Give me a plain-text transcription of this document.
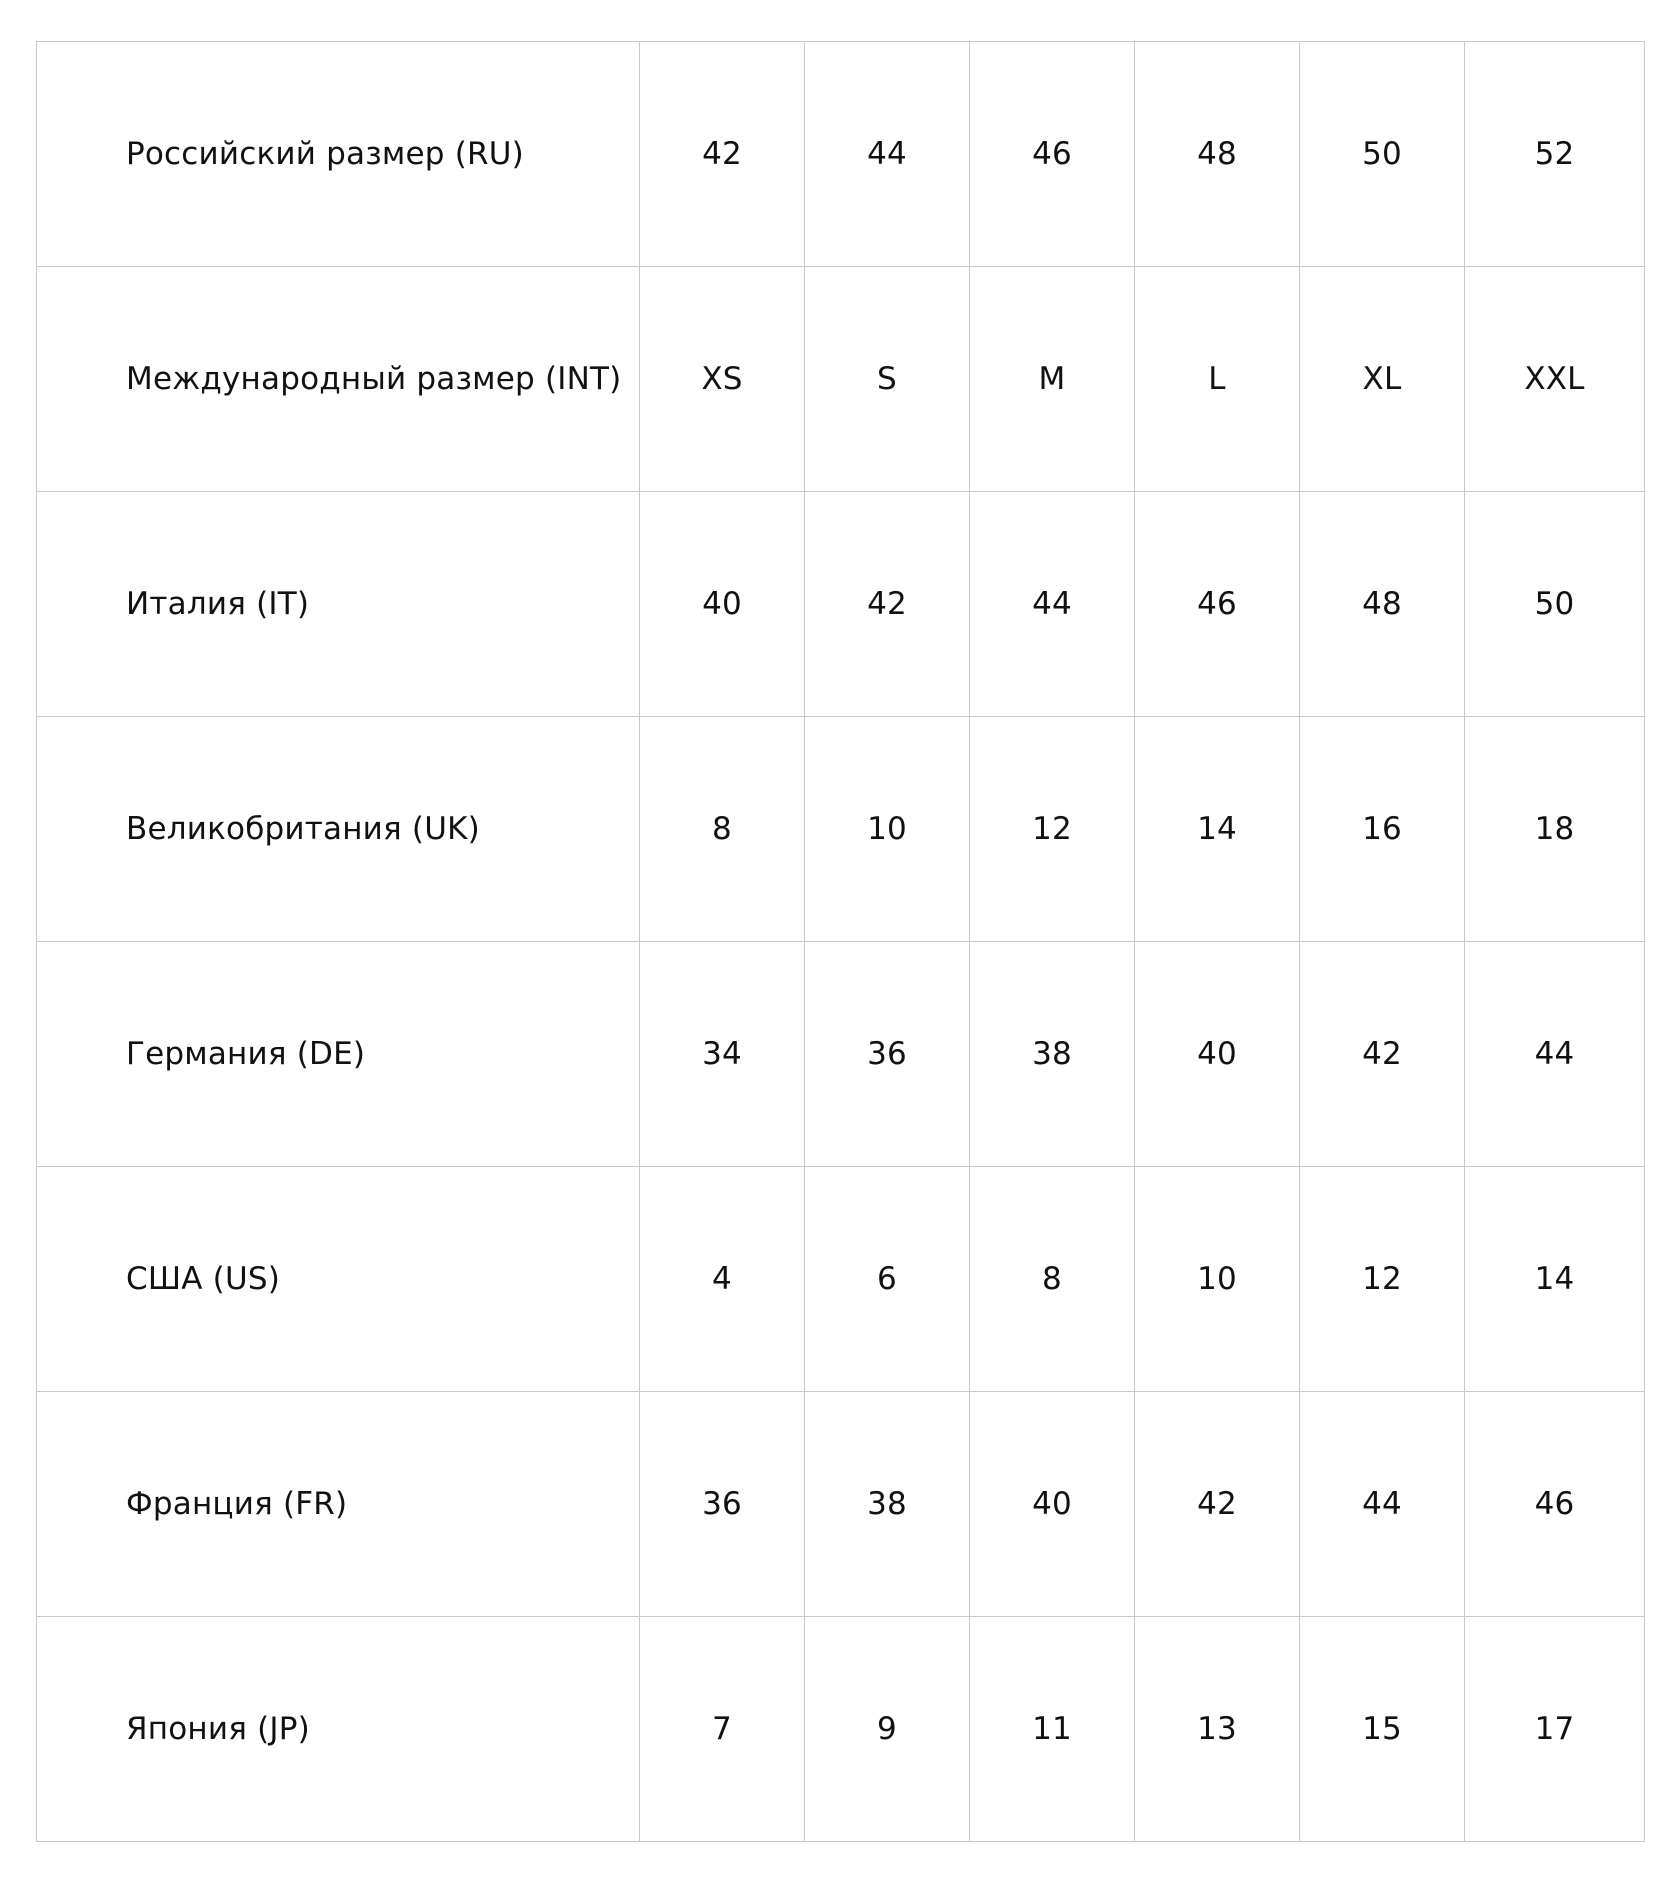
Российский размер (RU)	42	44	46	48	50	52
Международный размер (INT)	XS	S	M	L	XL	XXL
Италия (IT)	40	42	44	46	48	50
Великобритания (UK)	8	10	12	14	16	18
Германия (DE)	34	36	38	40	42	44
США (US)	4	6	8	10	12	14
Франция (FR)	36	38	40	42	44	46
Япония (JP)	7	9	11	13	15	17
